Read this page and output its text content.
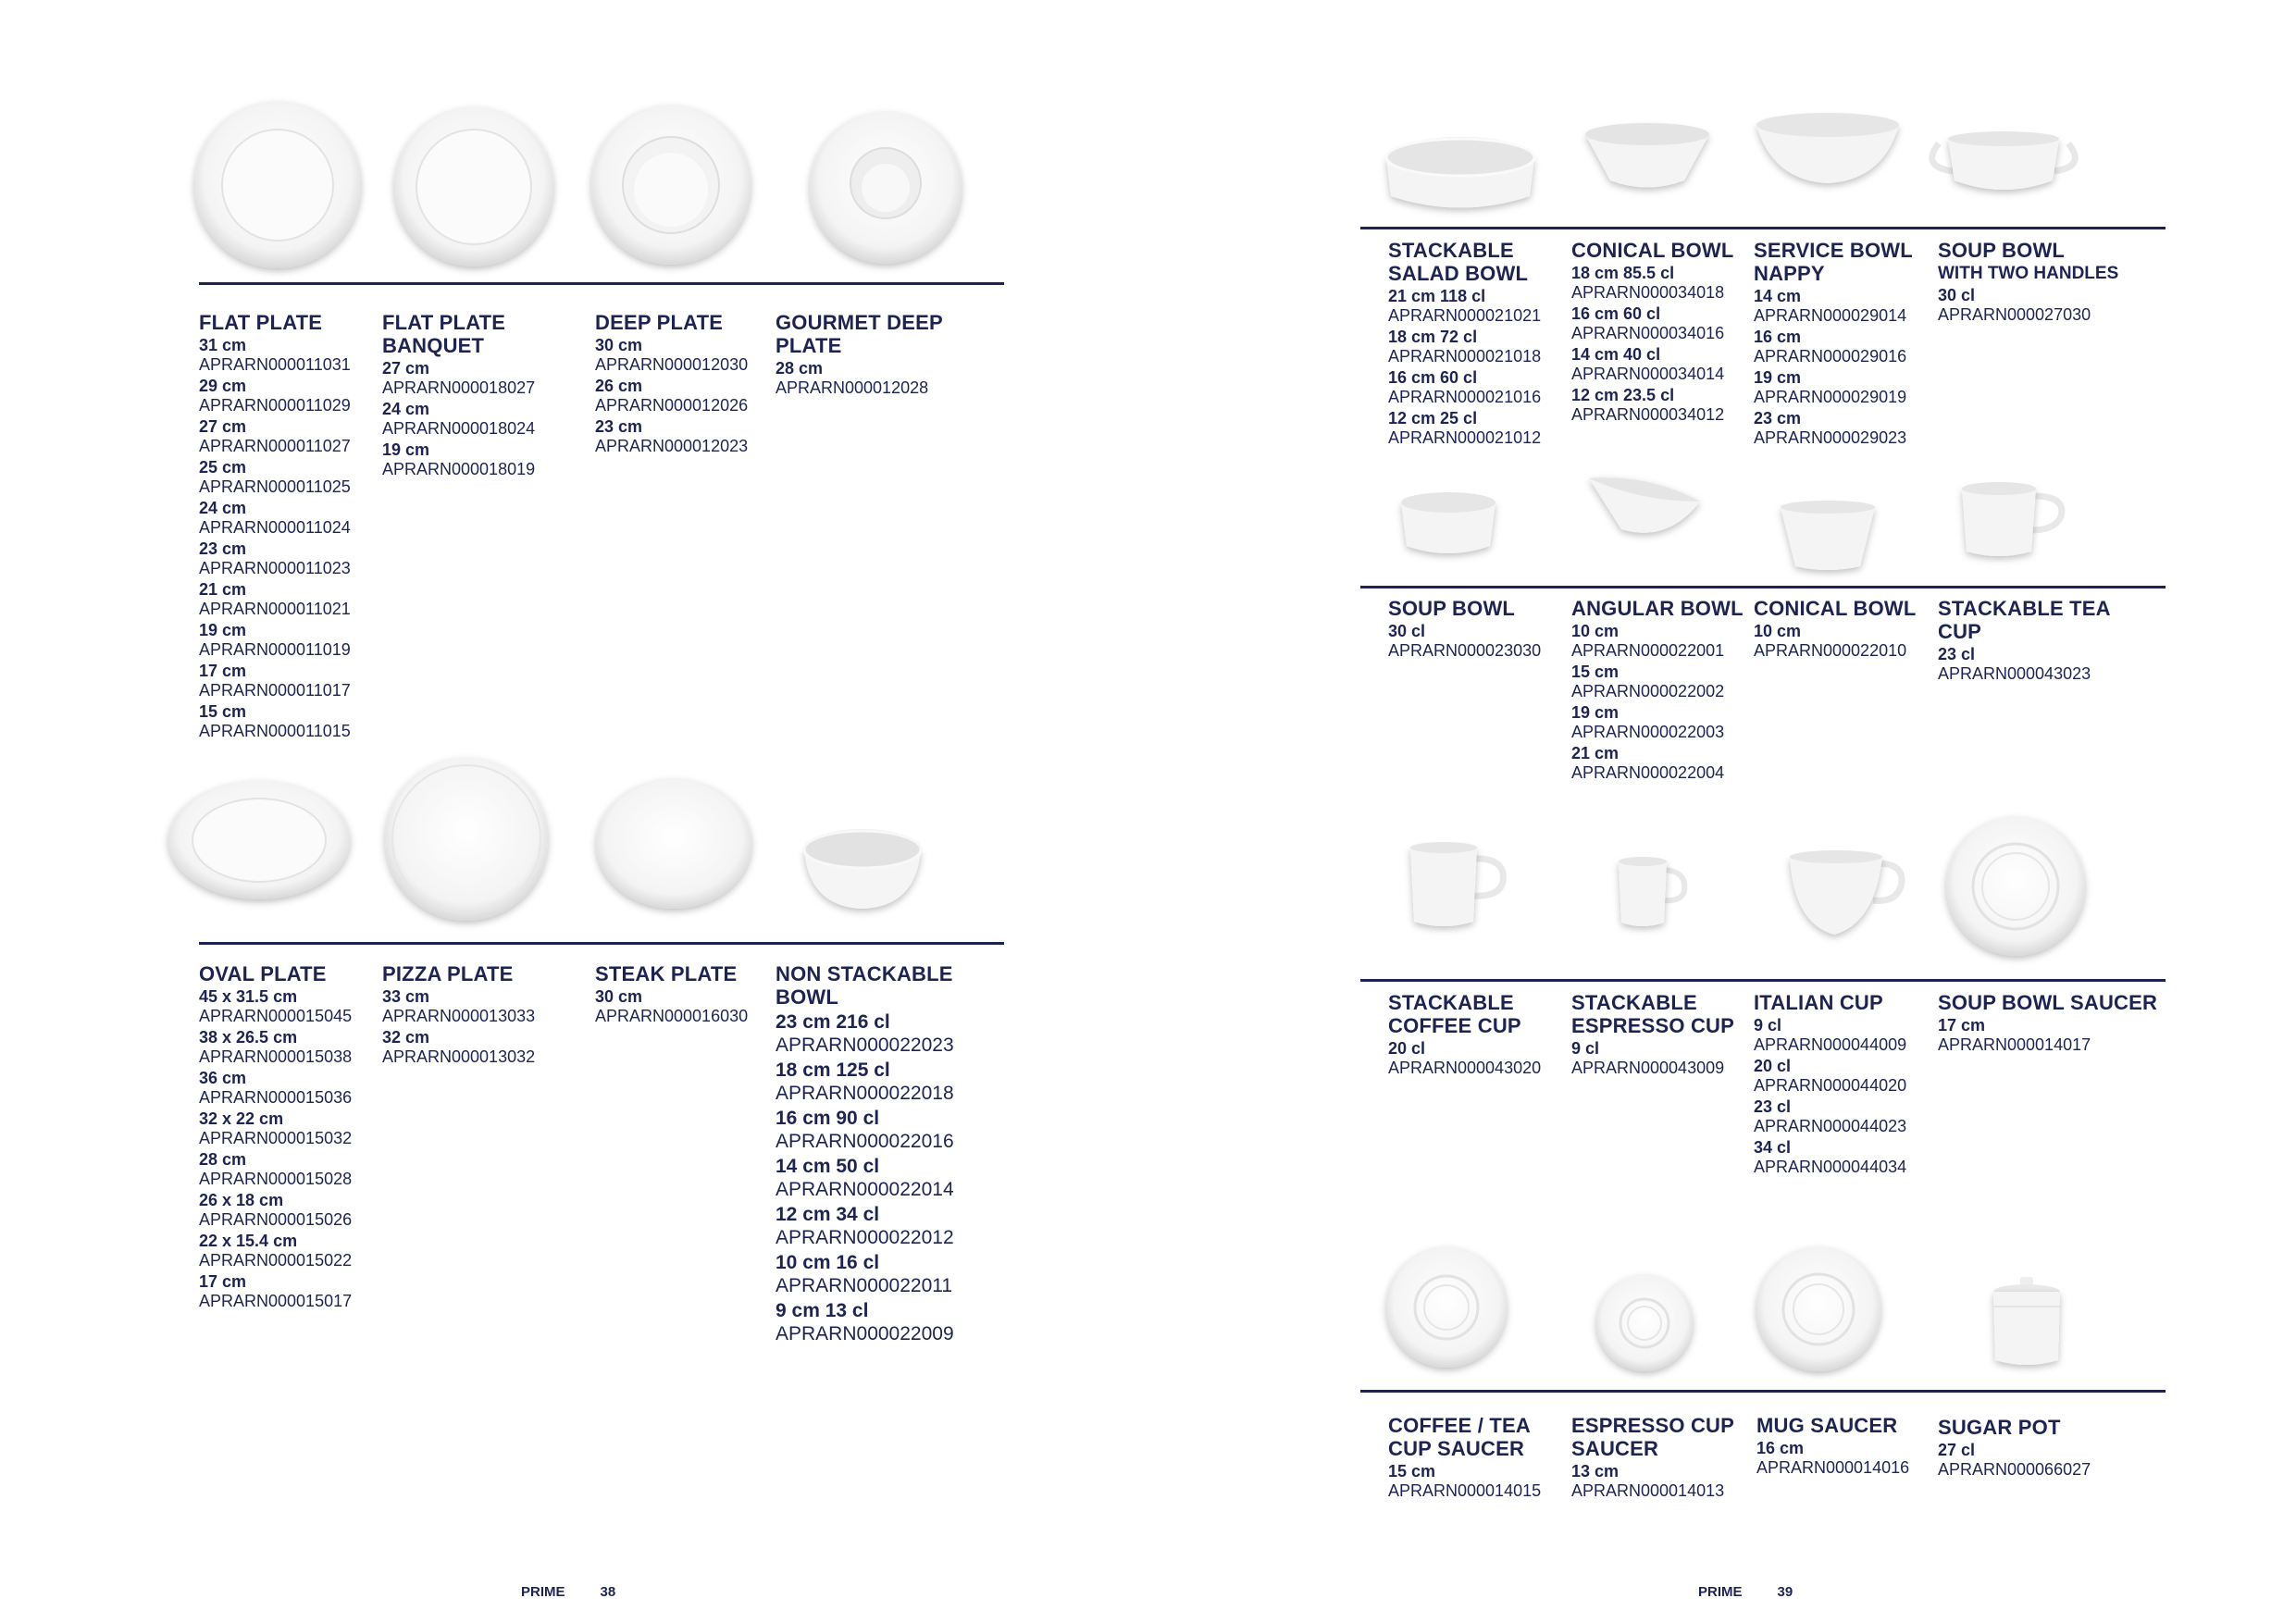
FLAT PLATE
31 cm
APRARN000011031
29 cm
APRARN000011029
27 cm
APRARN000011027
25 cm
APRARN000011025
24 cm
APRARN000011024
23 cm
APRARN000011023
21 cm
APRARN000011021
19 cm
APRARN000011019
17 cm
APRARN000011017
15 cm
APRARN000011015
FLAT PLATE BANQUET
27 cm
APRARN000018027
24 cm
APRARN000018024
19 cm
APRARN000018019
DEEP PLATE
30 cm
APRARN000012030
26 cm
APRARN000012026
23 cm
APRARN000012023
GOURMET DEEP PLATE
28 cm
APRARN000012028
OVAL PLATE
45 x 31.5 cm
APRARN000015045
38 x 26.5 cm
APRARN000015038
36 cm
APRARN000015036
32 x 22 cm
APRARN000015032
28 cm
APRARN000015028
26 x 18 cm
APRARN000015026
22 x 15.4 cm
APRARN000015022
17 cm
APRARN000015017
PIZZA PLATE
33 cm
APRARN000013033
32 cm
APRARN000013032
STEAK PLATE
30 cm
APRARN000016030
NON STACKABLE BOWL
23 cm 216 cl
APRARN000022023
18 cm 125 cl
APRARN000022018
16 cm 90 cl
APRARN000022016
14 cm 50 cl
APRARN000022014
12 cm 34 cl
APRARN000022012
10 cm 16 cl
APRARN000022011
9 cm 13 cl
APRARN000022009
PRIME	38
STACKABLE SALAD BOWL
21 cm 118 cl
APRARN000021021
18 cm 72 cl
APRARN000021018
16 cm 60 cl
APRARN000021016
12 cm 25 cl
APRARN000021012
CONICAL BOWL
18 cm 85.5 cl
APRARN000034018
16 cm 60 cl
APRARN000034016
14 cm 40 cl
APRARN000034014
12 cm 23.5 cl
APRARN000034012
SERVICE BOWL NAPPY
14 cm
APRARN000029014
16 cm
APRARN000029016
19 cm
APRARN000029019
23 cm
APRARN000029023
SOUP BOWL
WITH TWO HANDLES
30 cl
APRARN000027030
SOUP BOWL
30 cl
APRARN000023030
ANGULAR BOWL
10 cm
APRARN000022001
15 cm
APRARN000022002
19 cm
APRARN000022003
21 cm
APRARN000022004
CONICAL BOWL
10 cm
APRARN000022010
STACKABLE TEA CUP
23 cl
APRARN000043023
STACKABLE COFFEE CUP
20 cl
APRARN000043020
STACKABLE ESPRESSO CUP
9 cl
APRARN000043009
ITALIAN CUP
9 cl
APRARN000044009
20 cl
APRARN000044020
23 cl
APRARN000044023
34 cl
APRARN000044034
SOUP BOWL SAUCER
17 cm
APRARN000014017
COFFEE / TEA CUP SAUCER
15 cm
APRARN000014015
ESPRESSO CUP SAUCER
13 cm
APRARN000014013
MUG SAUCER
16 cm
APRARN000014016
SUGAR POT
27 cl
APRARN000066027
PRIME	39
